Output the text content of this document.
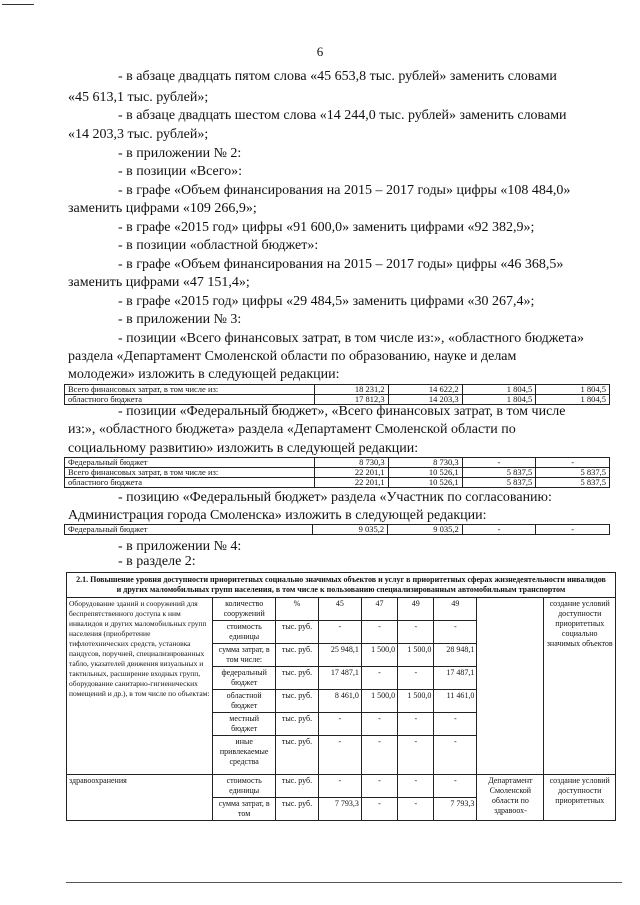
6
- в абзаце двадцать пятом слова «45 653,8 тыс. рублей» заменить словами
«45 613,1 тыс. рублей»;
- в абзаце двадцать шестом слова «14 244,0 тыс. рублей» заменить словами
«14 203,3 тыс. рублей»;
- в приложении № 2:
- в позиции «Всего»:
- в графе «Объем финансирования на 2015 – 2017 годы» цифры «108 484,0»
заменить цифрами «109 266,9»;
- в графе «2015 год» цифры «91 600,0» заменить цифрами «92 382,9»;
- в позиции «областной бюджет»:
- в графе «Объем финансирования на 2015 – 2017 годы» цифры «46 368,5»
заменить цифрами «47 151,4»;
- в графе «2015 год» цифры «29 484,5» заменить цифрами «30 267,4»;
- в приложении № 3:
- позиции «Всего финансовых затрат, в том числе из:», «областного бюджета»
раздела «Департамент Смоленской области по образованию, науке и делам
молодежи» изложить в следующей редакции:
Всего финансовых затрат, в том числе из:	18 231,2	14 622,2	1 804,5	1 804,5
областного бюджета	17 812,3	14 203,3	1 804,5	1 804,5
- позиции «Федеральный бюджет», «Всего финансовых затрат, в том числе
из:», «областного бюджета» раздела «Департамент Смоленской области по
социальному развитию» изложить в следующей редакции:
Федеральный бюджет	8 730,3	8 730,3	-	-
Всего финансовых затрат, в том числе из:	22 201,1	10 526,1	5 837,5	5 837,5
областного бюджета	22 201,1	10 526,1	5 837,5	5 837,5
- позицию «Федеральный бюджет» раздела «Участник по согласованию:
Администрация города Смоленска» изложить в следующей редакции:
Федеральный бюджет	9 035,2	9 035,2	-	-
- в приложении № 4:
- в разделе 2:
2.1. Повышение уровня доступности приоритетных социально значимых объектов и услуг в приоритетных сферах жизнедеятельности инвалидов и других маломобильных групп населения, в том числе к пользованию специализированным автомобильным транспортом								
Оборудование зданий и сооружений для беспрепятственного доступа к ним инвалидов и других маломобильных групп населения (приобретение тифлотехнических средств, установка пандусов, поручней, специализированных табло, указателей движения визуальных и тактильных, расширение входных групп, оборудование санитарно-гигиенических помещений и др.), в том числе по объектам:	количество сооружений	%	45	47	49	49		создание условий доступности приоритетных социально значимых объектов
	стоимость единицы	тыс. руб.	-	-	-	-		
	сумма затрат, в том числе:	тыс. руб.	25 948,1	1 500,0	1 500,0	28 948,1		
	федеральный бюджет	тыс. руб.	17 487,1	-	-	17 487,1		
	областной бюджет	тыс. руб.	8 461,0	1 500,0	1 500,0	11 461,0		
	местный бюджет	тыс. руб.	-	-	-	-		
	иные привлекаемые средства	тыс. руб.	-	-	-	-		
здравоохранения	стоимость единицы	тыс. руб.	-	-	-	-	Департамент Смоленской области по здравоох-	создание условий доступности приоритетных
	сумма затрат, в том	тыс. руб.	7 793,3	-	-	7 793,3		
